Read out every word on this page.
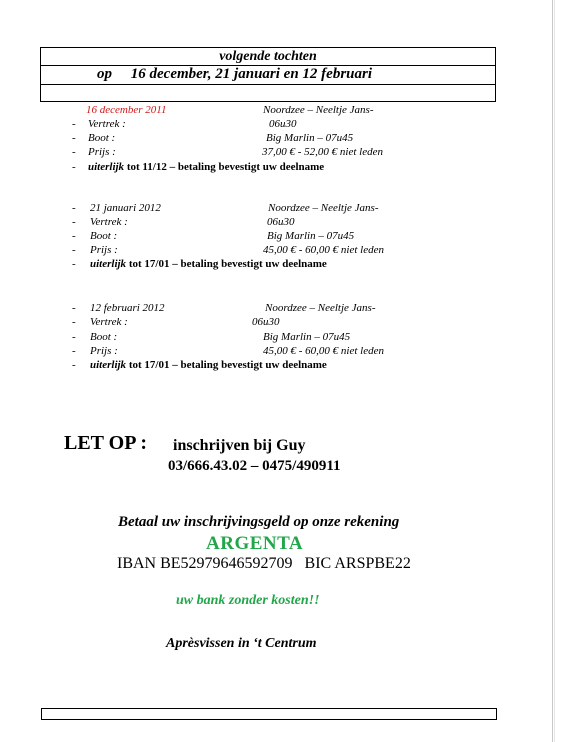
volgende tochten
op     16 december, 21 januari en 12 februari
16 december 2011	Noordzee – Neeltje Jans-
- Vertrek :	06u30
- Boot :	Big Marlin – 07u45
- Prijs :	37,00 € - 52,00 € niet leden
- uiterlijk tot 11/12 – betaling bevestigt uw deelname
- 21 januari 2012	Noordzee – Neeltje Jans-
- Vertrek :	06u30
- Boot :	Big Marlin – 07u45
- Prijs :	45,00 € - 60,00 € niet leden
- uiterlijk tot 17/01 – betaling bevestigt uw deelname
- 12 februari 2012	Noordzee – Neeltje Jans-
- Vertrek :	06u30
- Boot :	Big Marlin – 07u45
- Prijs :	45,00 € - 60,00 € niet leden
- uiterlijk tot 17/01 – betaling bevestigt uw deelname
LET OP : inschrijven bij Guy
03/666.43.02 – 0475/490911
Betaal uw inschrijvingsgeld op onze rekening
ARGENTA
IBAN BE52979646592709   BIC ARSPBE22
uw bank zonder kosten!!
Aprèsvissen in ‘t Centrum
